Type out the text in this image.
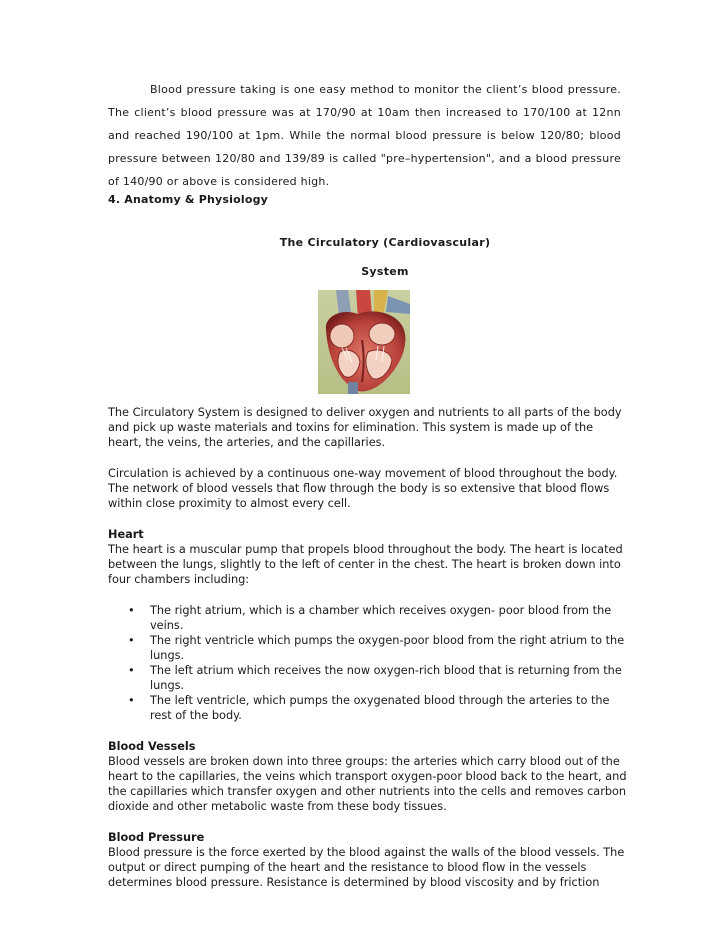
Blood pressure taking is one easy method to monitor the client’s blood pressure. The client’s blood pressure was at 170/90 at 10am then increased to 170/100 at 12nn and reached 190/100 at 1pm. While the normal blood pressure is below 120/80; blood pressure between 120/80 and 139/89 is called "pre–hypertension", and a blood pressure of 140/90 or above is considered high.
4. Anatomy & Physiology
The Circulatory (Cardiovascular)
System

The Circulatory System is designed to deliver oxygen and nutrients to all parts of the body and pick up waste materials and toxins for elimination. This system is made up of the heart, the veins, the arteries, and the capillaries.

Circulation is achieved by a continuous one-way movement of blood throughout the body. The network of blood vessels that flow through the body is so extensive that blood flows within close proximity to almost every cell.

Heart
The heart is a muscular pump that propels blood throughout the body. The heart is located between the lungs, slightly to the left of center in the chest. The heart is broken down into four chambers including:

• The right atrium, which is a chamber which receives oxygen- poor blood from the veins.
• The right ventricle which pumps the oxygen-poor blood from the right atrium to the lungs.
• The left atrium which receives the now oxygen-rich blood that is returning from the lungs.
• The left ventricle, which pumps the oxygenated blood through the arteries to the rest of the body.

Blood Vessels
Blood vessels are broken down into three groups: the arteries which carry blood out of the heart to the capillaries, the veins which transport oxygen-poor blood back to the heart, and the capillaries which transfer oxygen and other nutrients into the cells and removes carbon dioxide and other metabolic waste from these body tissues.

Blood Pressure
Blood pressure is the force exerted by the blood against the walls of the blood vessels. The output or direct pumping of the heart and the resistance to blood flow in the vessels determines blood pressure. Resistance is determined by blood viscosity and by friction
